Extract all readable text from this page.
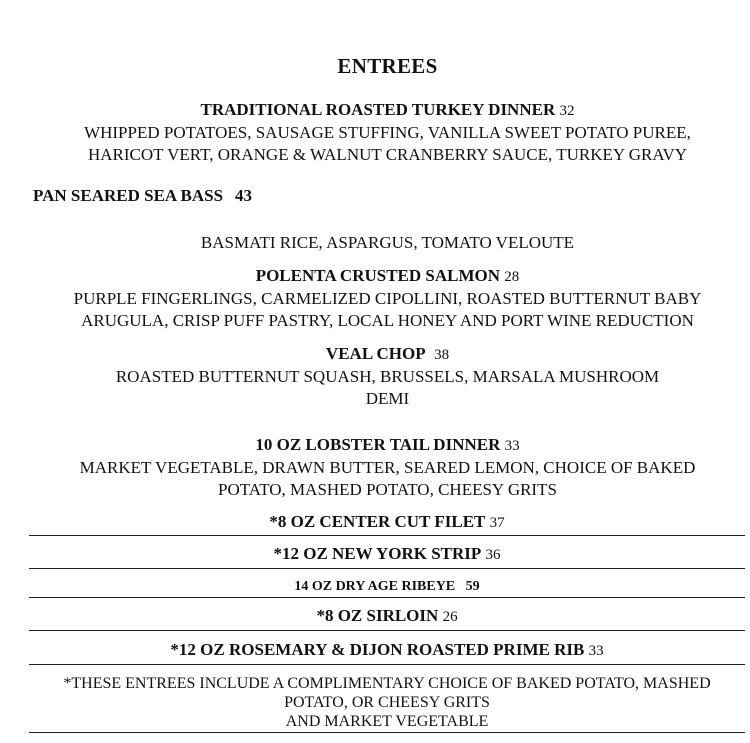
ENTREES
TRADITIONAL ROASTED TURKEY DINNER 32
WHIPPED POTATOES, SAUSAGE STUFFING, VANILLA SWEET POTATO PUREE,
HARICOT VERT, ORANGE & WALNUT CRANBERRY SAUCE, TURKEY GRAVY
PAN SEARED SEA BASS 43
BASMATI RICE, ASPARGUS, TOMATO VELOUTE
POLENTA CRUSTED SALMON 28
PURPLE FINGERLINGS, CARMELIZED CIPOLLINI, ROASTED BUTTERNUT BABY
ARUGULA, CRISP PUFF PASTRY, LOCAL HONEY AND PORT WINE REDUCTION
VEAL CHOP 38
ROASTED BUTTERNUT SQUASH, BRUSSELS, MARSALA MUSHROOM
DEMI
10 OZ LOBSTER TAIL DINNER 33
MARKET VEGETABLE, DRAWN BUTTER, SEARED LEMON, CHOICE OF BAKED
POTATO, MASHED POTATO, CHEESY GRITS
*8 OZ CENTER CUT FILET 37
*12 OZ NEW YORK STRIP 36
14 OZ DRY AGE RIBEYE 59
*8 OZ SIRLOIN 26
*12 OZ ROSEMARY & DIJON ROASTED PRIME RIB 33
*THESE ENTREES INCLUDE A COMPLIMENTARY CHOICE OF BAKED POTATO, MASHED
POTATO, OR CHEESY GRITS
AND MARKET VEGETABLE
